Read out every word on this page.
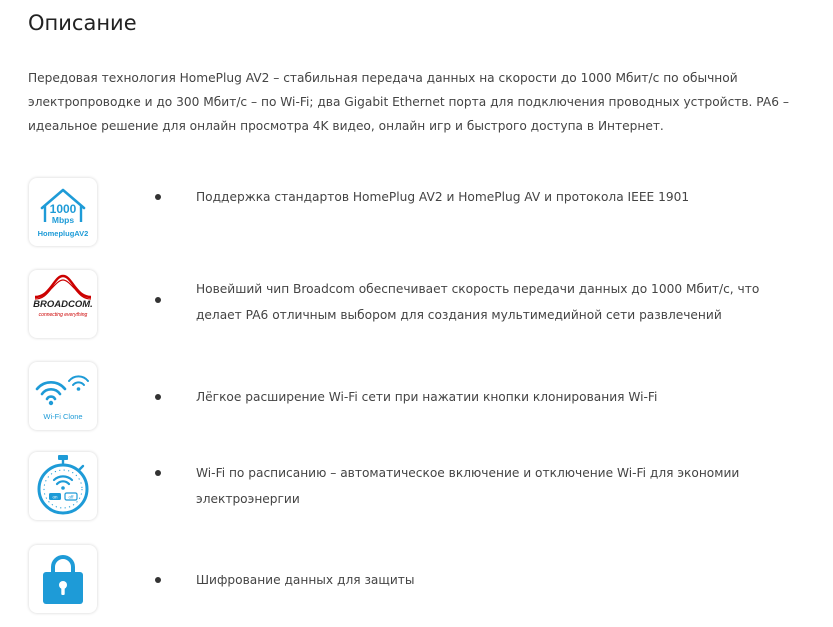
Описание

Передовая технология HomePlug AV2 – стабильная передача данных на скорости до 1000 Мбит/с по обычной электропроводке и до 300 Мбит/с – по Wi-Fi; два Gigabit Ethernet порта для подключения проводных устройств. PA6 – идеальное решение для онлайн просмотра 4K видео, онлайн игр и быстрого доступа в Интернет.

1000
Mbps
HomeplugAV2

Поддержка стандартов HomePlug AV2 и HomePlug AV и протокола IEEE 1901

BROADCOM.
connecting everything

Новейший чип Broadcom обеспечивает скорость передачи данных до 1000 Мбит/с, что делает PA6 отличным выбором для создания мультимедийной сети развлечений

Wi-Fi Clone

Лёгкое расширение Wi-Fi сети при нажатии кнопки клонирования Wi-Fi

on off

Wi-Fi по расписанию – автоматическое включение и отключение Wi-Fi для экономии электроэнергии

Шифрование данных для защиты
